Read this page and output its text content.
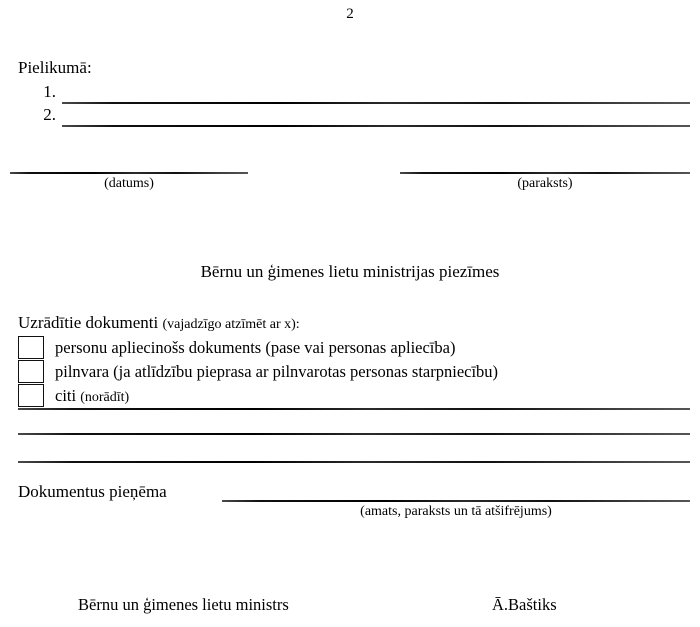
2
Pielikumā:
1.
2.
(datums)	(paraksts)
Bērnu un ģimenes lietu ministrijas piezīmes
Uzrādītie dokumenti (vajadzīgo atzīmēt ar x):
personu apliecinošs dokuments (pase vai personas apliecība)
pilnvara (ja atlīdzību pieprasa ar pilnvarotas personas starpniecību)
citi (norādīt)
Dokumentus pieņēma
(amats, paraksts un tā atšifrējums)
Bērnu un ģimenes lietu ministrs	Ā.Baštiks
